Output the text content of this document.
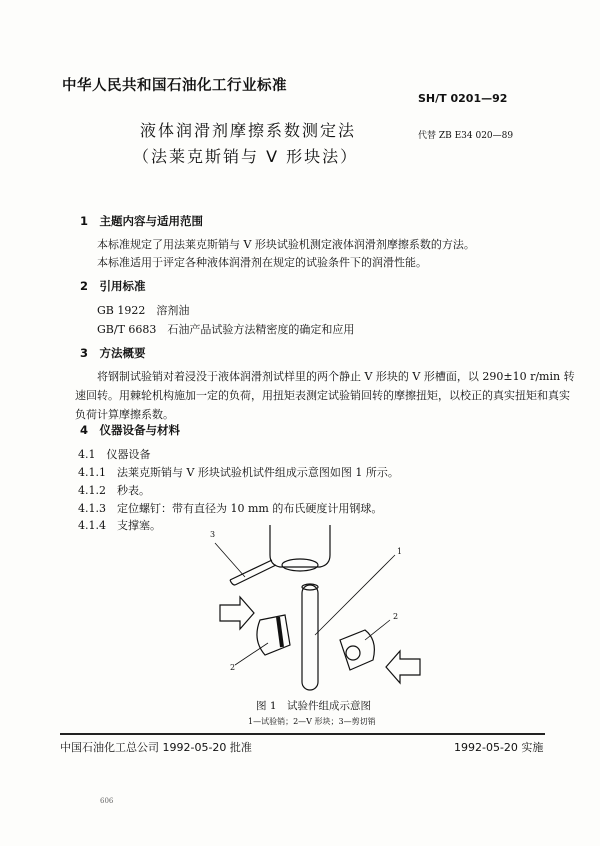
中华人民共和国石油化工行业标准
SH/T 0201—92
液体润滑剂摩擦系数测定法
（法莱克斯销与 V 形块法）
代替 ZB E34 020—89
1　 主题内容与适用范围
本标准规定了用法莱克斯销与 V 形块试验机测定液体润滑剂摩擦系数的方法。
本标准适用于评定各种液体润滑剂在规定的试验条件下的润滑性能。
2　 引用标准
GB 1922　 溶剂油
GB/T 6683　 石油产品试验方法精密度的确定和应用
3　 方法概要
将钢制试验销对着浸没于液体润滑剂试样里的两个静止 V 形块的 V 形槽面，以 290±10 r/min 转
速回转。用棘轮机构施加一定的负荷，用扭矩表测定试验销回转的摩擦扭矩，以校正的真实扭矩和真实
负荷计算摩擦系数。
4　 仪器设备与材料
4.1　 仪器设备
4.1.1　 法莱克斯销与 V 形块试验机试件组成示意图如图 1 所示。
4.1.2　 秒表。
4.1.3　 定位螺钉：带有直径为 10 mm 的布氏硬度计用钢球。
4.1.4　 支撑塞。
3
1
2
2
图 1　试验件组成示意图
1—试验销；2—V 形块；3—剪切销
中国石油化工总公司 1992-05-20 批准	1992-05-20 实施
606
